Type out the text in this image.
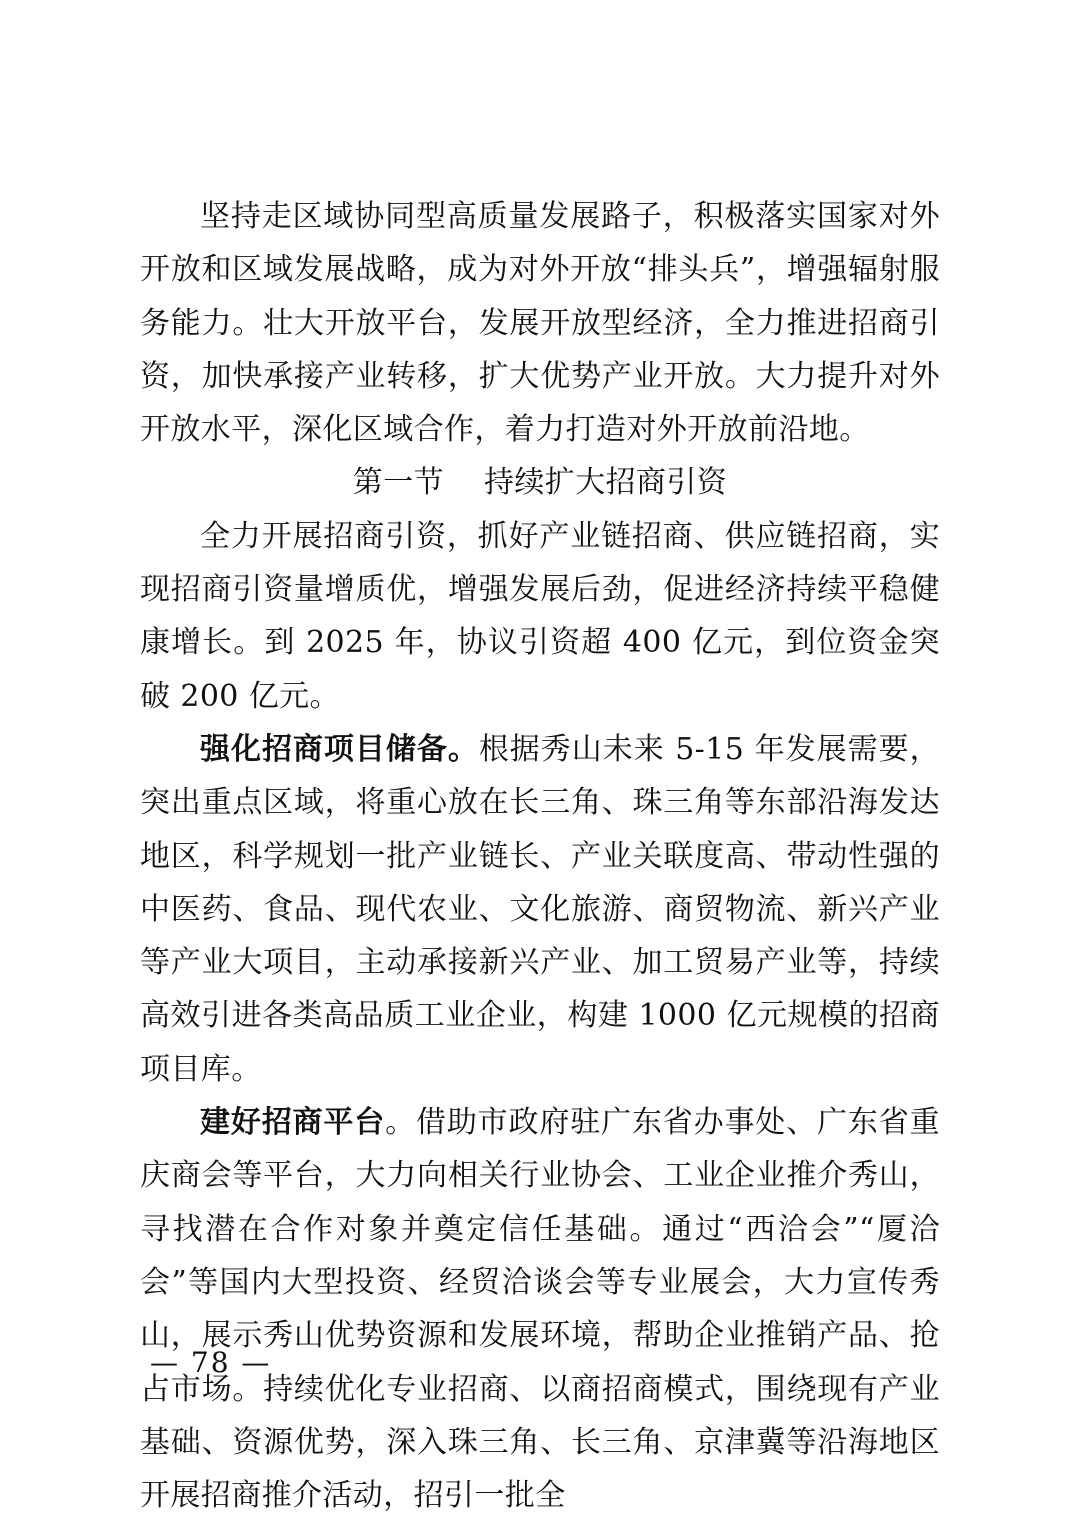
坚持走区域协同型高质量发展路子，积极落实国家对外开放和区域发展战略，成为对外开放“排头兵”，增强辐射服务能力。壮大开放平台，发展开放型经济，全力推进招商引资，加快承接产业转移，扩大优势产业开放。大力提升对外开放水平，深化区域合作，着力打造对外开放前沿地。

第一节 持续扩大招商引资

全力开展招商引资，抓好产业链招商、供应链招商，实现招商引资量增质优，增强发展后劲，促进经济持续平稳健康增长。到 2025 年，协议引资超 400 亿元，到位资金突破 200 亿元。

强化招商项目储备。根据秀山未来 5-15 年发展需要，突出重点区域，将重心放在长三角、珠三角等东部沿海发达地区，科学规划一批产业链长、产业关联度高、带动性强的中医药、食品、现代农业、文化旅游、商贸物流、新兴产业等产业大项目，主动承接新兴产业、加工贸易产业等，持续高效引进各类高品质工业企业，构建 1000 亿元规模的招商项目库。

建好招商平台。借助市政府驻广东省办事处、广东省重庆商会等平台，大力向相关行业协会、工业企业推介秀山，寻找潜在合作对象并奠定信任基础。通过“西洽会”“厦洽会”等国内大型投资、经贸洽谈会等专业展会，大力宣传秀山，展示秀山优势资源和发展环境，帮助企业推销产品、抢占市场。持续优化专业招商、以商招商模式，围绕现有产业基础、资源优势，深入珠三角、长三角、京津冀等沿海地区开展招商推介活动，招引一批全

— 78 —
